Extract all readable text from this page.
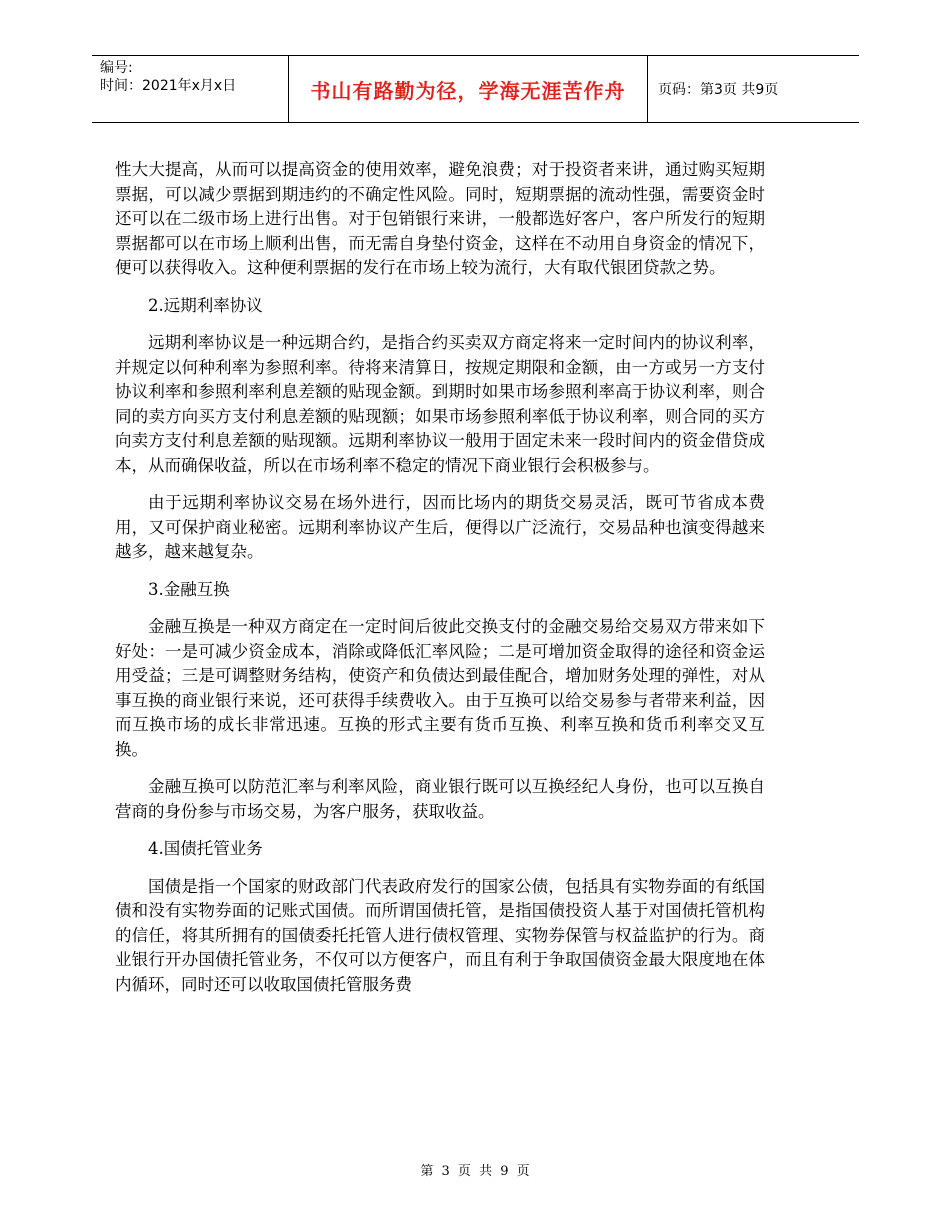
编号:
时间：2021年x月x日	书山有路勤为径，学海无涯苦作舟	页码：第3页 共9页

性大大提高，从而可以提高资金的使用效率，避免浪费；对于投资者来讲，通过购买短期票据，可以减少票据到期违约的不确定性风险。同时，短期票据的流动性强，需要资金时还可以在二级市场上进行出售。对于包销银行来讲，一般都选好客户，客户所发行的短期票据都可以在市场上顺利出售，而无需自身垫付资金，这样在不动用自身资金的情况下，便可以获得收入。这种便利票据的发行在市场上较为流行，大有取代银团贷款之势。

2.远期利率协议

远期利率协议是一种远期合约，是指合约买卖双方商定将来一定时间内的协议利率，并规定以何种利率为参照利率。待将来清算日，按规定期限和金额，由一方或另一方支付协议利率和参照利率利息差额的贴现金额。到期时如果市场参照利率高于协议利率，则合同的卖方向买方支付利息差额的贴现额；如果市场参照利率低于协议利率，则合同的买方向卖方支付利息差额的贴现额。远期利率协议一般用于固定未来一段时间内的资金借贷成本，从而确保收益，所以在市场利率不稳定的情况下商业银行会积极参与。

由于远期利率协议交易在场外进行，因而比场内的期货交易灵活，既可节省成本费用，又可保护商业秘密。远期利率协议产生后，便得以广泛流行，交易品种也演变得越来越多，越来越复杂。

3.金融互换

金融互换是一种双方商定在一定时间后彼此交换支付的金融交易给交易双方带来如下好处：一是可减少资金成本，消除或降低汇率风险；二是可增加资金取得的途径和资金运用受益；三是可调整财务结构，使资产和负债达到最佳配合，增加财务处理的弹性，对从事互换的商业银行来说，还可获得手续费收入。由于互换可以给交易参与者带来利益，因而互换市场的成长非常迅速。互换的形式主要有货币互换、利率互换和货币利率交叉互换。

金融互换可以防范汇率与利率风险，商业银行既可以互换经纪人身份，也可以互换自营商的身份参与市场交易，为客户服务，获取收益。

4.国债托管业务

国债是指一个国家的财政部门代表政府发行的国家公债，包括具有实物券面的有纸国债和没有实物券面的记账式国债。而所谓国债托管，是指国债投资人基于对国债托管机构的信任，将其所拥有的国债委托托管人进行债权管理、实物券保管与权益监护的行为。商业银行开办国债托管业务，不仅可以方便客户，而且有利于争取国债资金最大限度地在体内循环，同时还可以收取国债托管服务费

第 3 页 共 9 页
